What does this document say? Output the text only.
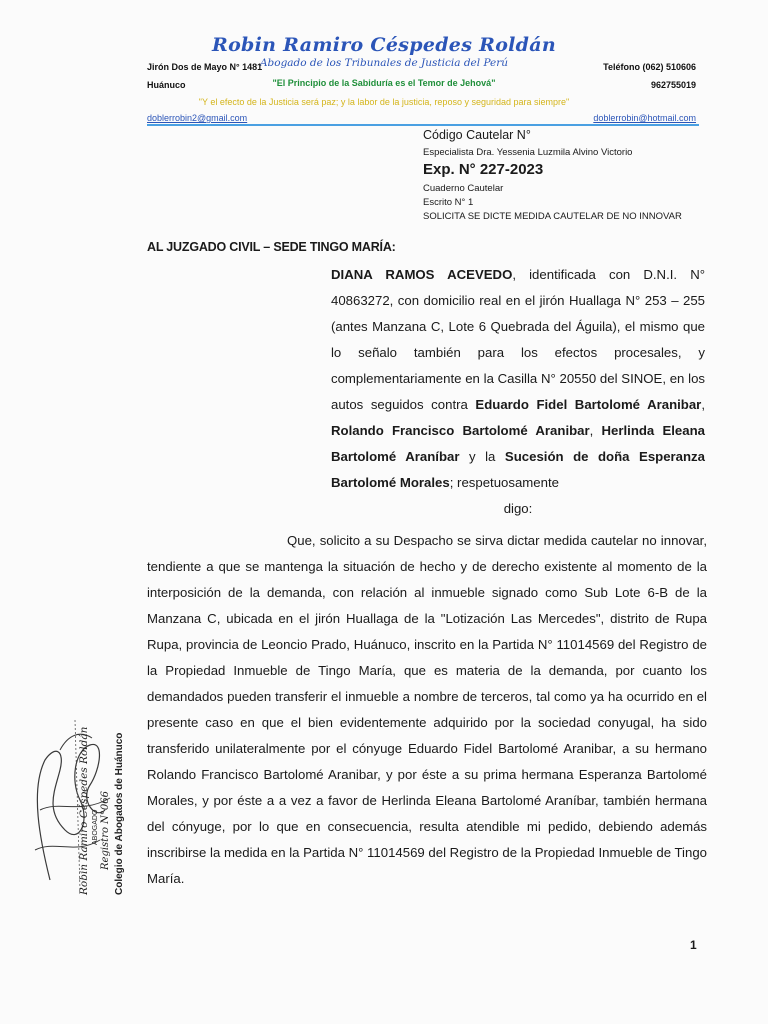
Robin Ramiro Céspedes Roldán
Abogado de los Tribunales de Justicia del Perú
Jirón Dos de Mayo N° 1481
Huánuco
Teléfono (062) 510606
962755019
"El Principio de la Sabiduría es el Temor de Jehová"
"Y el efecto de la Justicia será paz; y la labor de la justicia, reposo y seguridad para siempre"
doblerrobin2@gmail.com	doblerrobin@hotmail.com
Código Cautelar N°
Especialista Dra. Yessenia Luzmila Alvino Victorio
Exp. N° 227-2023
Cuaderno Cautelar
Escrito N° 1
SOLICITA SE DICTE MEDIDA CAUTELAR DE NO INNOVAR
AL JUZGADO CIVIL – SEDE TINGO MARÍA:

DIANA RAMOS ACEVEDO, identificada con D.N.I. N° 40863272, con domicilio real en el jirón Huallaga N° 253 – 255 (antes Manzana C, Lote 6 Quebrada del Águila), el mismo que lo señalo también para los efectos procesales, y complementariamente en la Casilla N° 20550 del SINOE, en los autos seguidos contra Eduardo Fidel Bartolomé Aranibar, Rolando Francisco Bartolomé Aranibar, Herlinda Eleana Bartolomé Araníbar y la Sucesión de doña Esperanza Bartolomé Morales; respetuosamente

digo:

Que, solicito a su Despacho se sirva dictar medida cautelar no innovar, tendiente a que se mantenga la situación de hecho y de derecho existente al momento de la interposición de la demanda, con relación al inmueble signado como Sub Lote 6-B de la Manzana C, ubicada en el jirón Huallaga de la "Lotización Las Mercedes", distrito de Rupa Rupa, provincia de Leoncio Prado, Huánuco, inscrito en la Partida N° 11014569 del Registro de la Propiedad Inmueble de Tingo María, que es materia de la demanda, por cuanto los demandados pueden transferir el inmueble a nombre de terceros, tal como ya ha ocurrido en el presente caso en que el bien evidentemente adquirido por la sociedad conyugal, ha sido transferido unilateralmente por el cónyuge Eduardo Fidel Bartolomé Aranibar, a su hermano Rolando Francisco Bartolomé Aranibar, y por éste a su prima hermana Esperanza Bartolomé Morales, y por éste a a vez a favor de Herlinda Eleana Bartolomé Araníbar, también hermana del cónyuge, por lo que en consecuencia, resulta atendible mi pedido, debiendo además inscribirse la medida en la Partida N° 11014569 del Registro de la Propiedad Inmueble de Tingo María.

Robin Ramiro Céspedes Roldán ABOGADO Registro N°066 Colegio de Abogados de Huánuco
1
